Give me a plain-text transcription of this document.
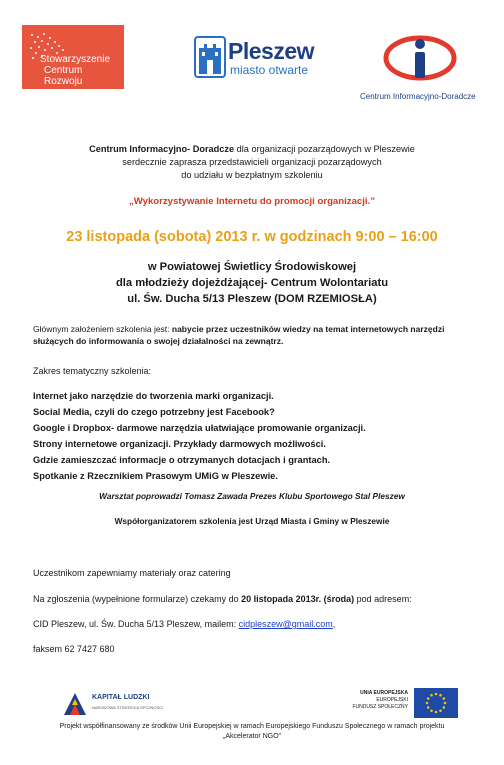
Stowarzyszenie
Centrum
Rozwoju
Pleszew
miasto otwarte
Centrum Informacyjno-Doradcze
Centrum Informacyjno- Doradcze dla organizacji pozarządowych w Pleszewie
serdecznie zaprasza przedstawicieli organizacji pozarządowych
do udziału w bezpłatnym szkoleniu
„Wykorzystywanie Internetu do promocji organizacji.”
23 listopada (sobota) 2013 r. w godzinach 9:00 – 16:00
w Powiatowej Świetlicy Środowiskowej
dla młodzieży dojeżdżającej- Centrum Wolontariatu
ul. Św. Ducha 5/13 Pleszew (DOM RZEMIOSŁA)
Głównym założeniem szkolenia jest: nabycie przez uczestników wiedzy na temat internetowych narzędzi
służących do informowania o swojej działalności na zewnątrz.
Zakres tematyczny szkolenia:
Internet jako narzędzie do tworzenia marki organizacji.
Social Media, czyli do czego potrzebny jest Facebook?
Google i Dropbox- darmowe narzędzia ułatwiające promowanie organizacji.
Strony internetowe organizacji. Przykłady darmowych możliwości.
Gdzie zamieszczać informacje o otrzymanych dotacjach i grantach.
Spotkanie z Rzecznikiem Prasowym UMiG w Pleszewie.
Warsztat poprowadzi Tomasz Zawada Prezes Klubu Sportowego Stal Pleszew
Współorganizatorem szkolenia jest Urząd Miasta i Gminy w Pleszewie
Uczestnikom zapewniamy materiały oraz catering
Na zgłoszenia (wypełnione formularze) czekamy do 20 listopada 2013r. (środa) pod adresem:
CID Pleszew, ul. Św. Ducha 5/13 Pleszew, mailem: cidpleszew@gmail.com,
faksem 62 7427 680
KAPITAŁ LUDZKI
NARODOWA STRATEGIA SPÓJNOŚCI
UNIA EUROPEJSKA
EUROPEJSKI
FUNDUSZ SPOŁECZNY
Projekt współfinansowany ze środków Unii Europejskiej w ramach Europejskiego Funduszu Społecznego w ramach projektu
„Akcelerator NGO”
